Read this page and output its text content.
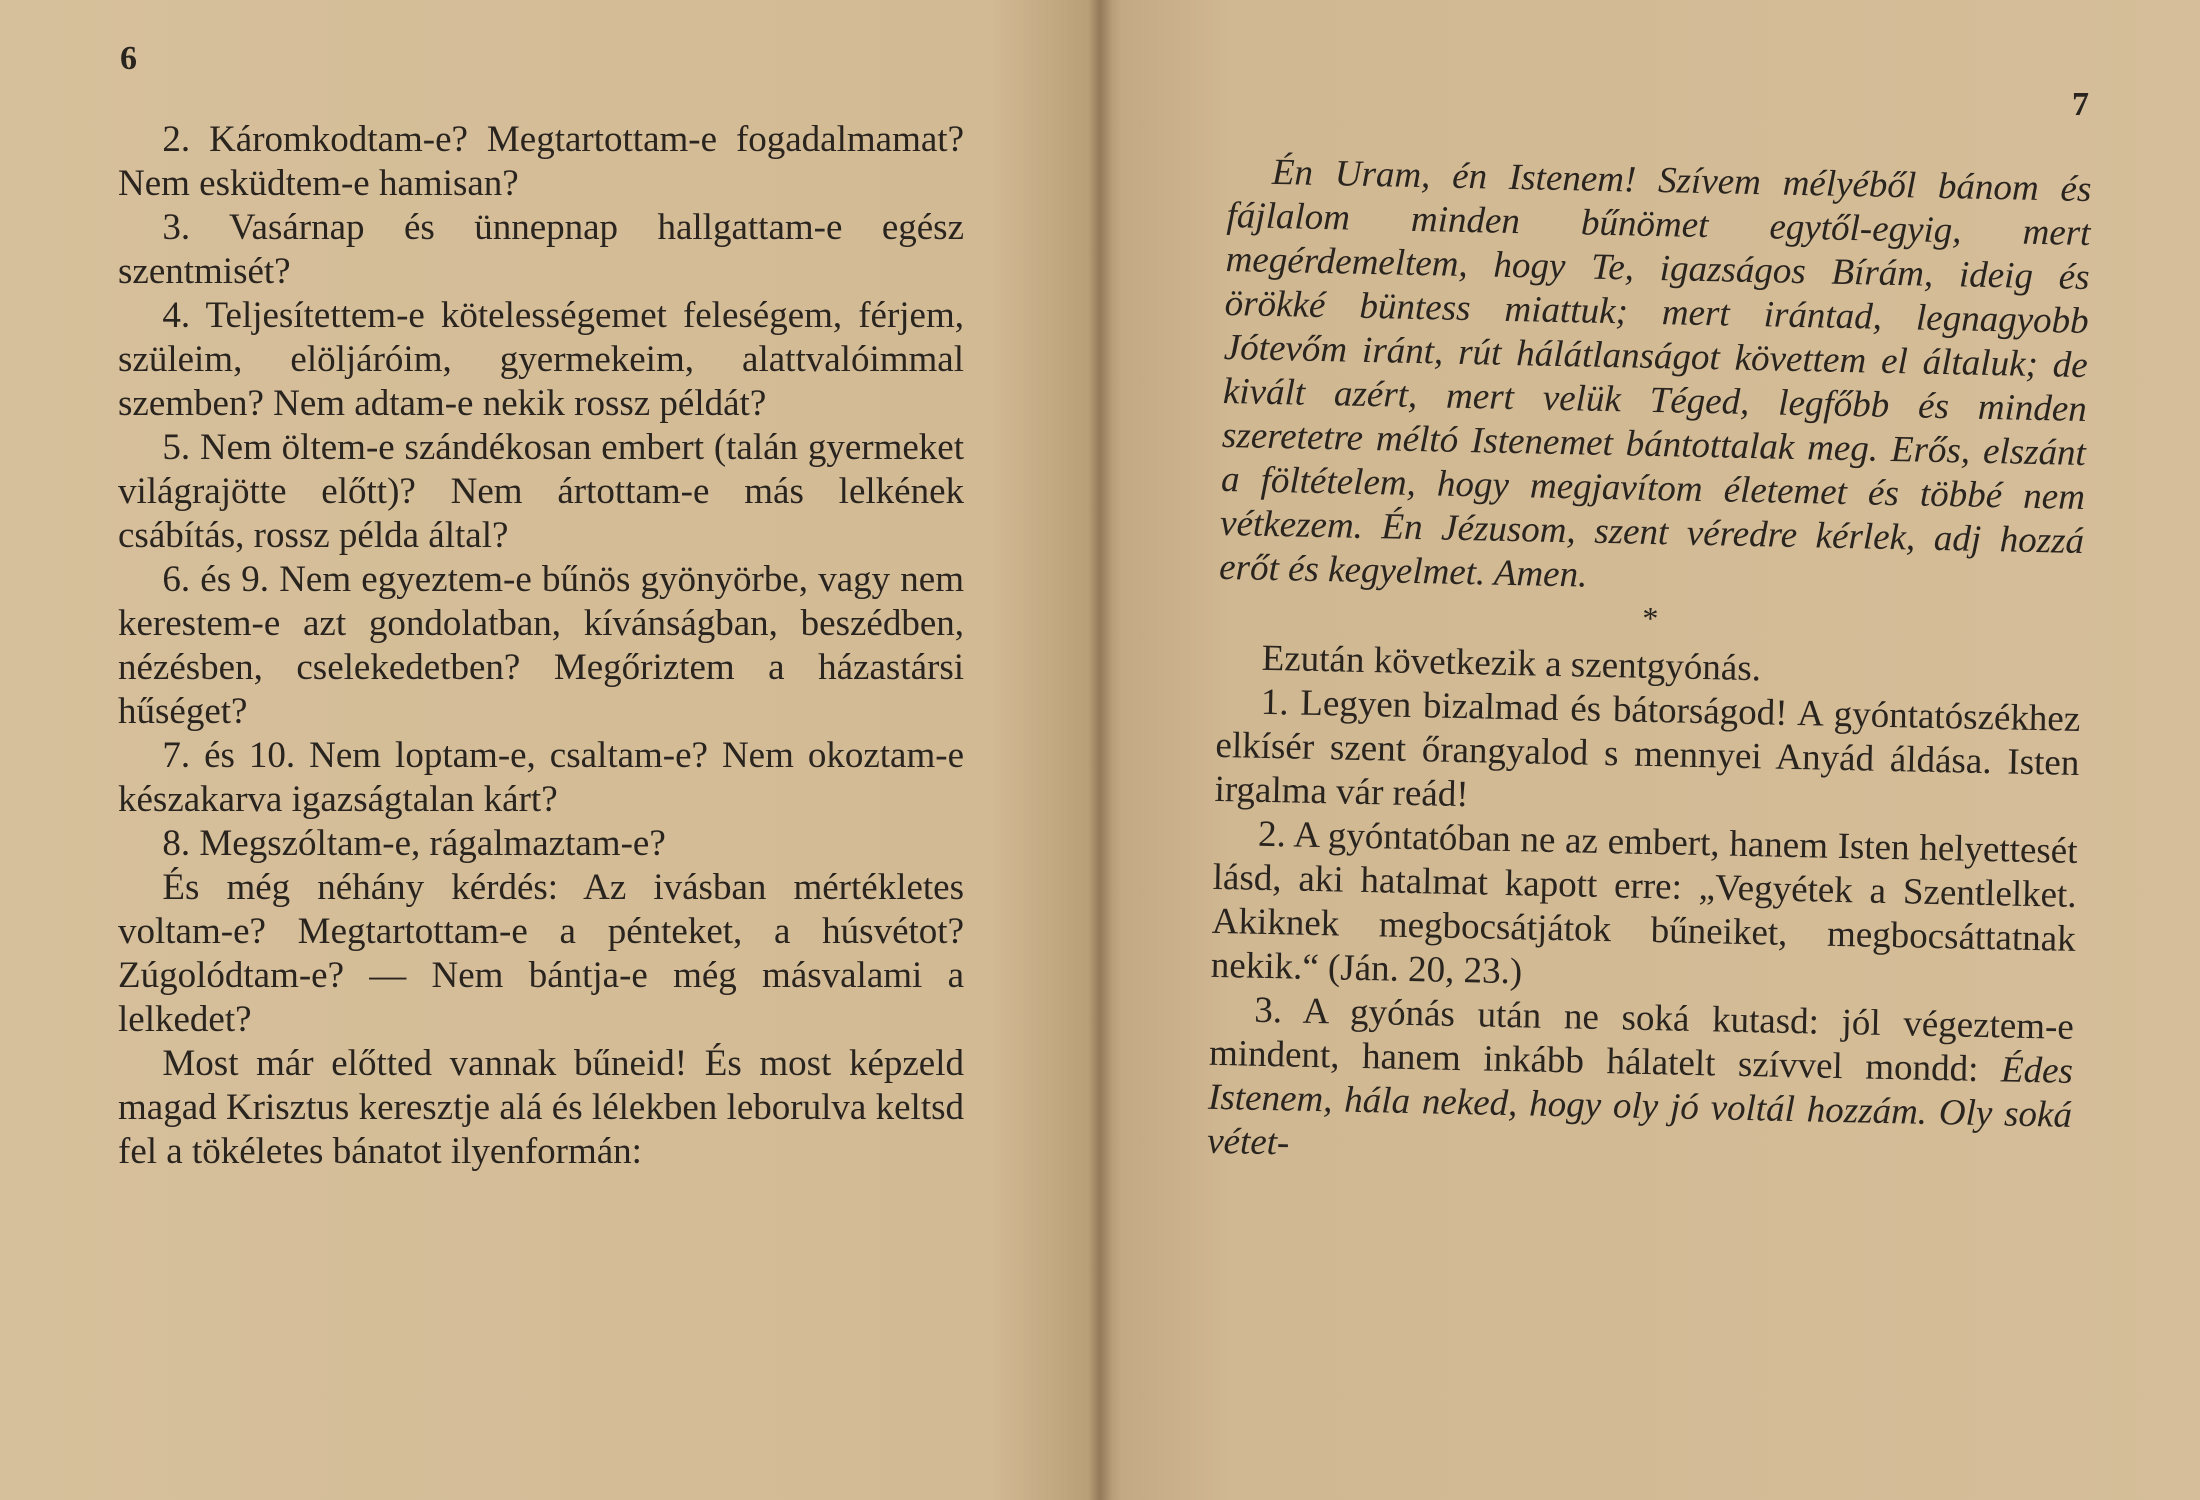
6

2. Káromkodtam-e? Megtartottam-e fogadalmamat? Nem esküdtem-e hamisan?

3. Vasárnap és ünnepnap hallgattam-e egész szentmisét?

4. Teljesítettem-e kötelességemet feleségem, férjem, szüleim, elöljáróim, gyermekeim, alattvalóimmal szemben? Nem adtam-e nekik rossz példát?

5. Nem öltem-e szándékosan embert (talán gyermeket világrajötte előtt)? Nem ártottam-e más lelkének csábítás, rossz példa által?

6. és 9. Nem egyeztem-e bűnös gyönyörbe, vagy nem kerestem-e azt gondolatban, kívánságban, beszédben, nézésben, cselekedetben? Megőriztem a házastársi hűséget?

7. és 10. Nem loptam-e, csaltam-e? Nem okoztam-e készakarva igazságtalan kárt?

8. Megszóltam-e, rágalmaztam-e?

És még néhány kérdés: Az ivásban mértékletes voltam-e? Megtartottam-e a pénteket, a húsvétot? Zúgolódtam-e? — Nem bántja-e még másvalami a lelkedet?

Most már előtted vannak bűneid! És most képzeld magad Krisztus keresztje alá és lélekben leborulva keltsd fel a tökéletes bánatot ilyenformán:

7

Én Uram, én Istenem! Szívem mélyéből bánom és fájlalom minden bűnömet egytől-egyig, mert megérdemeltem, hogy Te, igazságos Bírám, ideig és örökké büntess miattuk; mert irántad, legnagyobb Jótevőm iránt, rút hálátlanságot követtem el általuk; de kivált azért, mert velük Téged, legfőbb és minden szeretetre méltó Istenemet bántottalak meg. Erős, elszánt a föltételem, hogy megjavítom életemet és többé nem vétkezem. Én Jézusom, szent véredre kérlek, adj hozzá erőt és kegyelmet. Amen.

*

Ezután következik a szentgyónás.

1. Legyen bizalmad és bátorságod! A gyóntatószékhez elkísér szent őrangyalod s mennyei Anyád áldása. Isten irgalma vár reád!

2. A gyóntatóban ne az embert, hanem Isten helyettesét lásd, aki hatalmat kapott erre: „Vegyétek a Szentlelket. Akiknek megbocsátjátok bűneiket, megbocsáttatnak nekik.“ (Ján. 20, 23.)

3. A gyónás után ne soká kutasd: jól végeztem-e mindent, hanem inkább hálatelt szívvel mondd: Édes Istenem, hála neked, hogy oly jó voltál hozzám. Oly soká vétet-
